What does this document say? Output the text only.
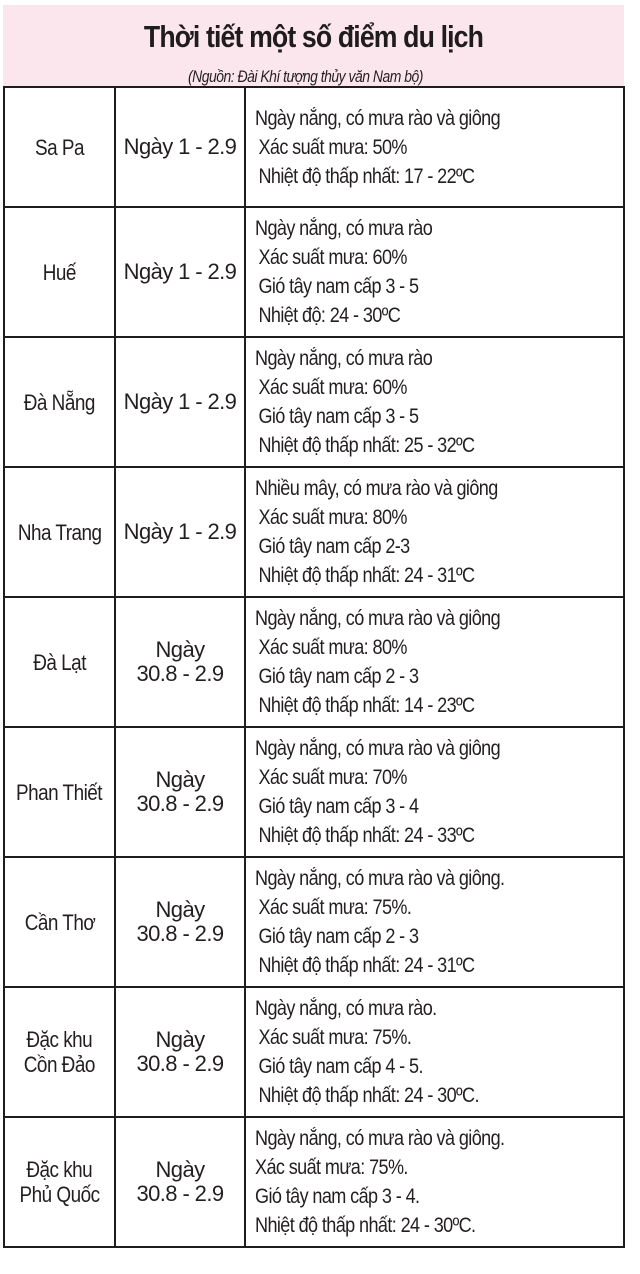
Thời tiết một số điểm du lịch
(Nguồn: Đài Khí tượng thủy văn Nam bộ)
Sa Pa	Ngày 1 - 2.9	Ngày nắng, có mưa rào và giông
Xác suất mưa: 50%
Nhiệt độ thấp nhất: 17 - 22ºC

Huế	Ngày 1 - 2.9	Ngày nắng, có mưa rào
Xác suất mưa: 60%
Gió tây nam cấp 3 - 5
Nhiệt độ: 24 - 30ºC

Đà Nẵng	Ngày 1 - 2.9	Ngày nắng, có mưa rào
Xác suất mưa: 60%
Gió tây nam cấp 3 - 5
Nhiệt độ thấp nhất: 25 - 32ºC

Nha Trang	Ngày 1 - 2.9	Nhiều mây, có mưa rào và giông
Xác suất mưa: 80%
Gió tây nam cấp 2-3
Nhiệt độ thấp nhất: 24 - 31ºC

Đà Lạt	Ngày
30.8 - 2.9	Ngày nắng, có mưa rào và giông
Xác suất mưa: 80%
Gió tây nam cấp 2 - 3
Nhiệt độ thấp nhất: 14 - 23ºC

Phan Thiết	Ngày
30.8 - 2.9	Ngày nắng, có mưa rào và giông
Xác suất mưa: 70%
Gió tây nam cấp 3 - 4
Nhiệt độ thấp nhất: 24 - 33ºC

Cần Thơ	Ngày
30.8 - 2.9	Ngày nắng, có mưa rào và giông.
Xác suất mưa: 75%.
Gió tây nam cấp 2 - 3
Nhiệt độ thấp nhất: 24 - 31ºC

Đặc khu
Cồn Đảo	Ngày
30.8 - 2.9	Ngày nắng, có mưa rào.
Xác suất mưa: 75%.
Gió tây nam cấp 4 - 5.
Nhiệt độ thấp nhất: 24 - 30ºC.

Đặc khu
Phủ Quốc	Ngày
30.8 - 2.9	Ngày nắng, có mưa rào và giông.
Xác suất mưa: 75%.
Gió tây nam cấp 3 - 4.
Nhiệt độ thấp nhất: 24 - 30ºC.
